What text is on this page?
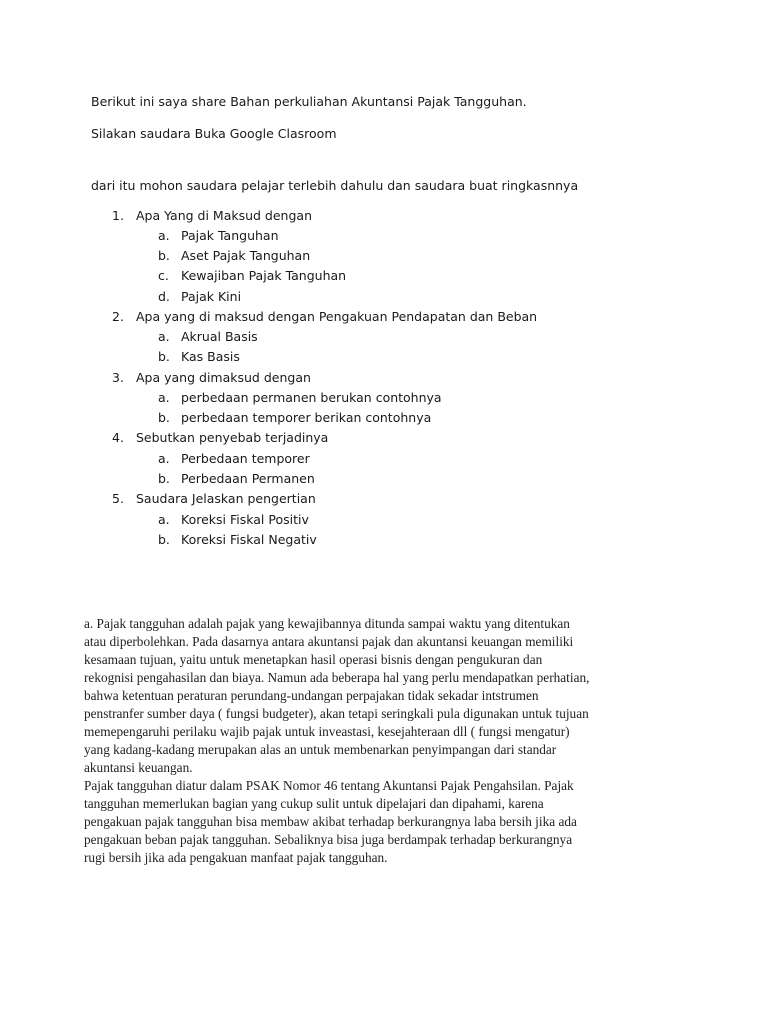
Berikut ini saya share Bahan perkuliahan Akuntansi Pajak Tangguhan.
Silakan saudara Buka Google Clasroom
dari itu mohon saudara pelajar terlebih dahulu dan saudara buat ringkasnnya
1. Apa Yang di Maksud dengan
a. Pajak Tanguhan
b. Aset Pajak Tanguhan
c. Kewajiban Pajak Tanguhan
d. Pajak Kini
2. Apa yang di maksud dengan Pengakuan Pendapatan dan Beban
a. Akrual Basis
b. Kas Basis
3. Apa yang dimaksud dengan
a. perbedaan permanen berukan contohnya
b. perbedaan temporer berikan contohnya
4. Sebutkan penyebab terjadinya
a. Perbedaan temporer
b. Perbedaan Permanen
5. Saudara Jelaskan pengertian
a. Koreksi Fiskal Positiv
b. Koreksi Fiskal Negativ
a. Pajak tangguhan adalah pajak yang kewajibannya ditunda sampai waktu yang ditentukan
atau diperbolehkan. Pada dasarnya antara akuntansi pajak dan akuntansi keuangan memiliki
kesamaan tujuan, yaitu untuk menetapkan hasil operasi bisnis dengan pengukuran dan
rekognisi pengahasilan dan biaya. Namun ada beberapa hal yang perlu mendapatkan perhatian,
bahwa ketentuan peraturan perundang-undangan perpajakan tidak sekadar intstrumen
penstranfer sumber daya ( fungsi budgeter), akan tetapi seringkali pula digunakan untuk tujuan
memepengaruhi perilaku wajib pajak untuk inveastasi, kesejahteraan dll ( fungsi mengatur)
yang kadang-kadang merupakan alas an untuk membenarkan penyimpangan dari standar
akuntansi keuangan.
Pajak tangguhan diatur dalam PSAK Nomor 46 tentang Akuntansi Pajak Pengahsilan. Pajak
tangguhan memerlukan bagian yang cukup sulit untuk dipelajari dan dipahami, karena
pengakuan pajak tangguhan bisa membaw akibat terhadap berkurangnya laba bersih jika ada
pengakuan beban pajak tangguhan. Sebaliknya bisa juga berdampak terhadap berkurangnya
rugi bersih jika ada pengakuan manfaat pajak tangguhan.
